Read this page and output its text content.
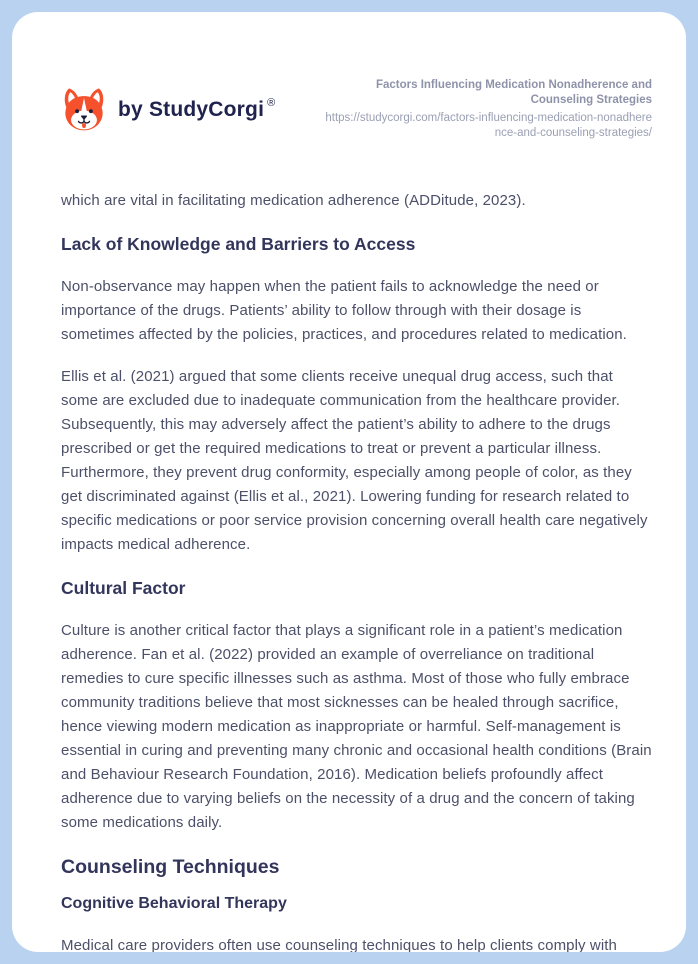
by StudyCorgi ®
Factors Influencing Medication Nonadherence and Counseling Strategies
https://studycorgi.com/factors-influencing-medication-nonadherence-and-counseling-strategies/

which are vital in facilitating medication adherence (ADDitude, 2023).

Lack of Knowledge and Barriers to Access

Non-observance may happen when the patient fails to acknowledge the need or importance of the drugs. Patients’ ability to follow through with their dosage is sometimes affected by the policies, practices, and procedures related to medication.

Ellis et al. (2021) argued that some clients receive unequal drug access, such that some are excluded due to inadequate communication from the healthcare provider. Subsequently, this may adversely affect the patient’s ability to adhere to the drugs prescribed or get the required medications to treat or prevent a particular illness. Furthermore, they prevent drug conformity, especially among people of color, as they get discriminated against (Ellis et al., 2021). Lowering funding for research related to specific medications or poor service provision concerning overall health care negatively impacts medical adherence.

Cultural Factor

Culture is another critical factor that plays a significant role in a patient’s medication adherence. Fan et al. (2022) provided an example of overreliance on traditional remedies to cure specific illnesses such as asthma. Most of those who fully embrace community traditions believe that most sicknesses can be healed through sacrifice, hence viewing modern medication as inappropriate or harmful. Self-management is essential in curing and preventing many chronic and occasional health conditions (Brain and Behaviour Research Foundation, 2016). Medication beliefs profoundly affect adherence due to varying beliefs on the necessity of a drug and the concern of taking some medications daily.

Counseling Techniques
Cognitive Behavioral Therapy

Medical care providers often use counseling techniques to help clients comply with
